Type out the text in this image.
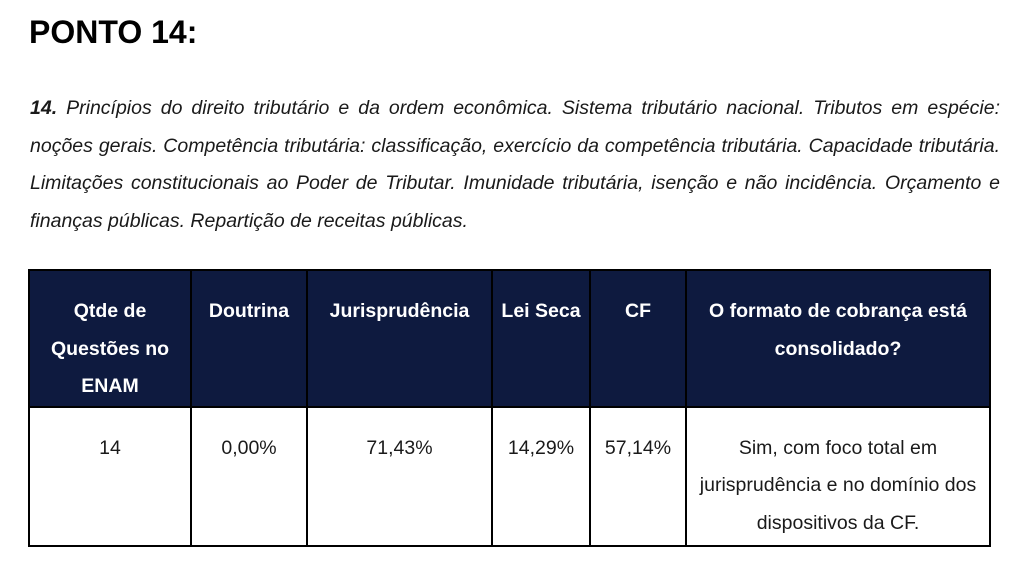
PONTO 14:

14. Princípios do direito tributário e da ordem econômica. Sistema tributário nacional. Tributos em espécie: noções gerais. Competência tributária: classificação, exercício da competência tributária. Capacidade tributária. Limitações constitucionais ao Poder de Tributar. Imunidade tributária, isenção e não incidência. Orçamento e finanças públicas. Repartição de receitas públicas.

Qtde de Questões no ENAM	Doutrina	Jurisprudência	Lei Seca	CF	O formato de cobrança está consolidado?
14	0,00%	71,43%	14,29%	57,14%	Sim, com foco total em jurisprudência e no domínio dos dispositivos da CF.
